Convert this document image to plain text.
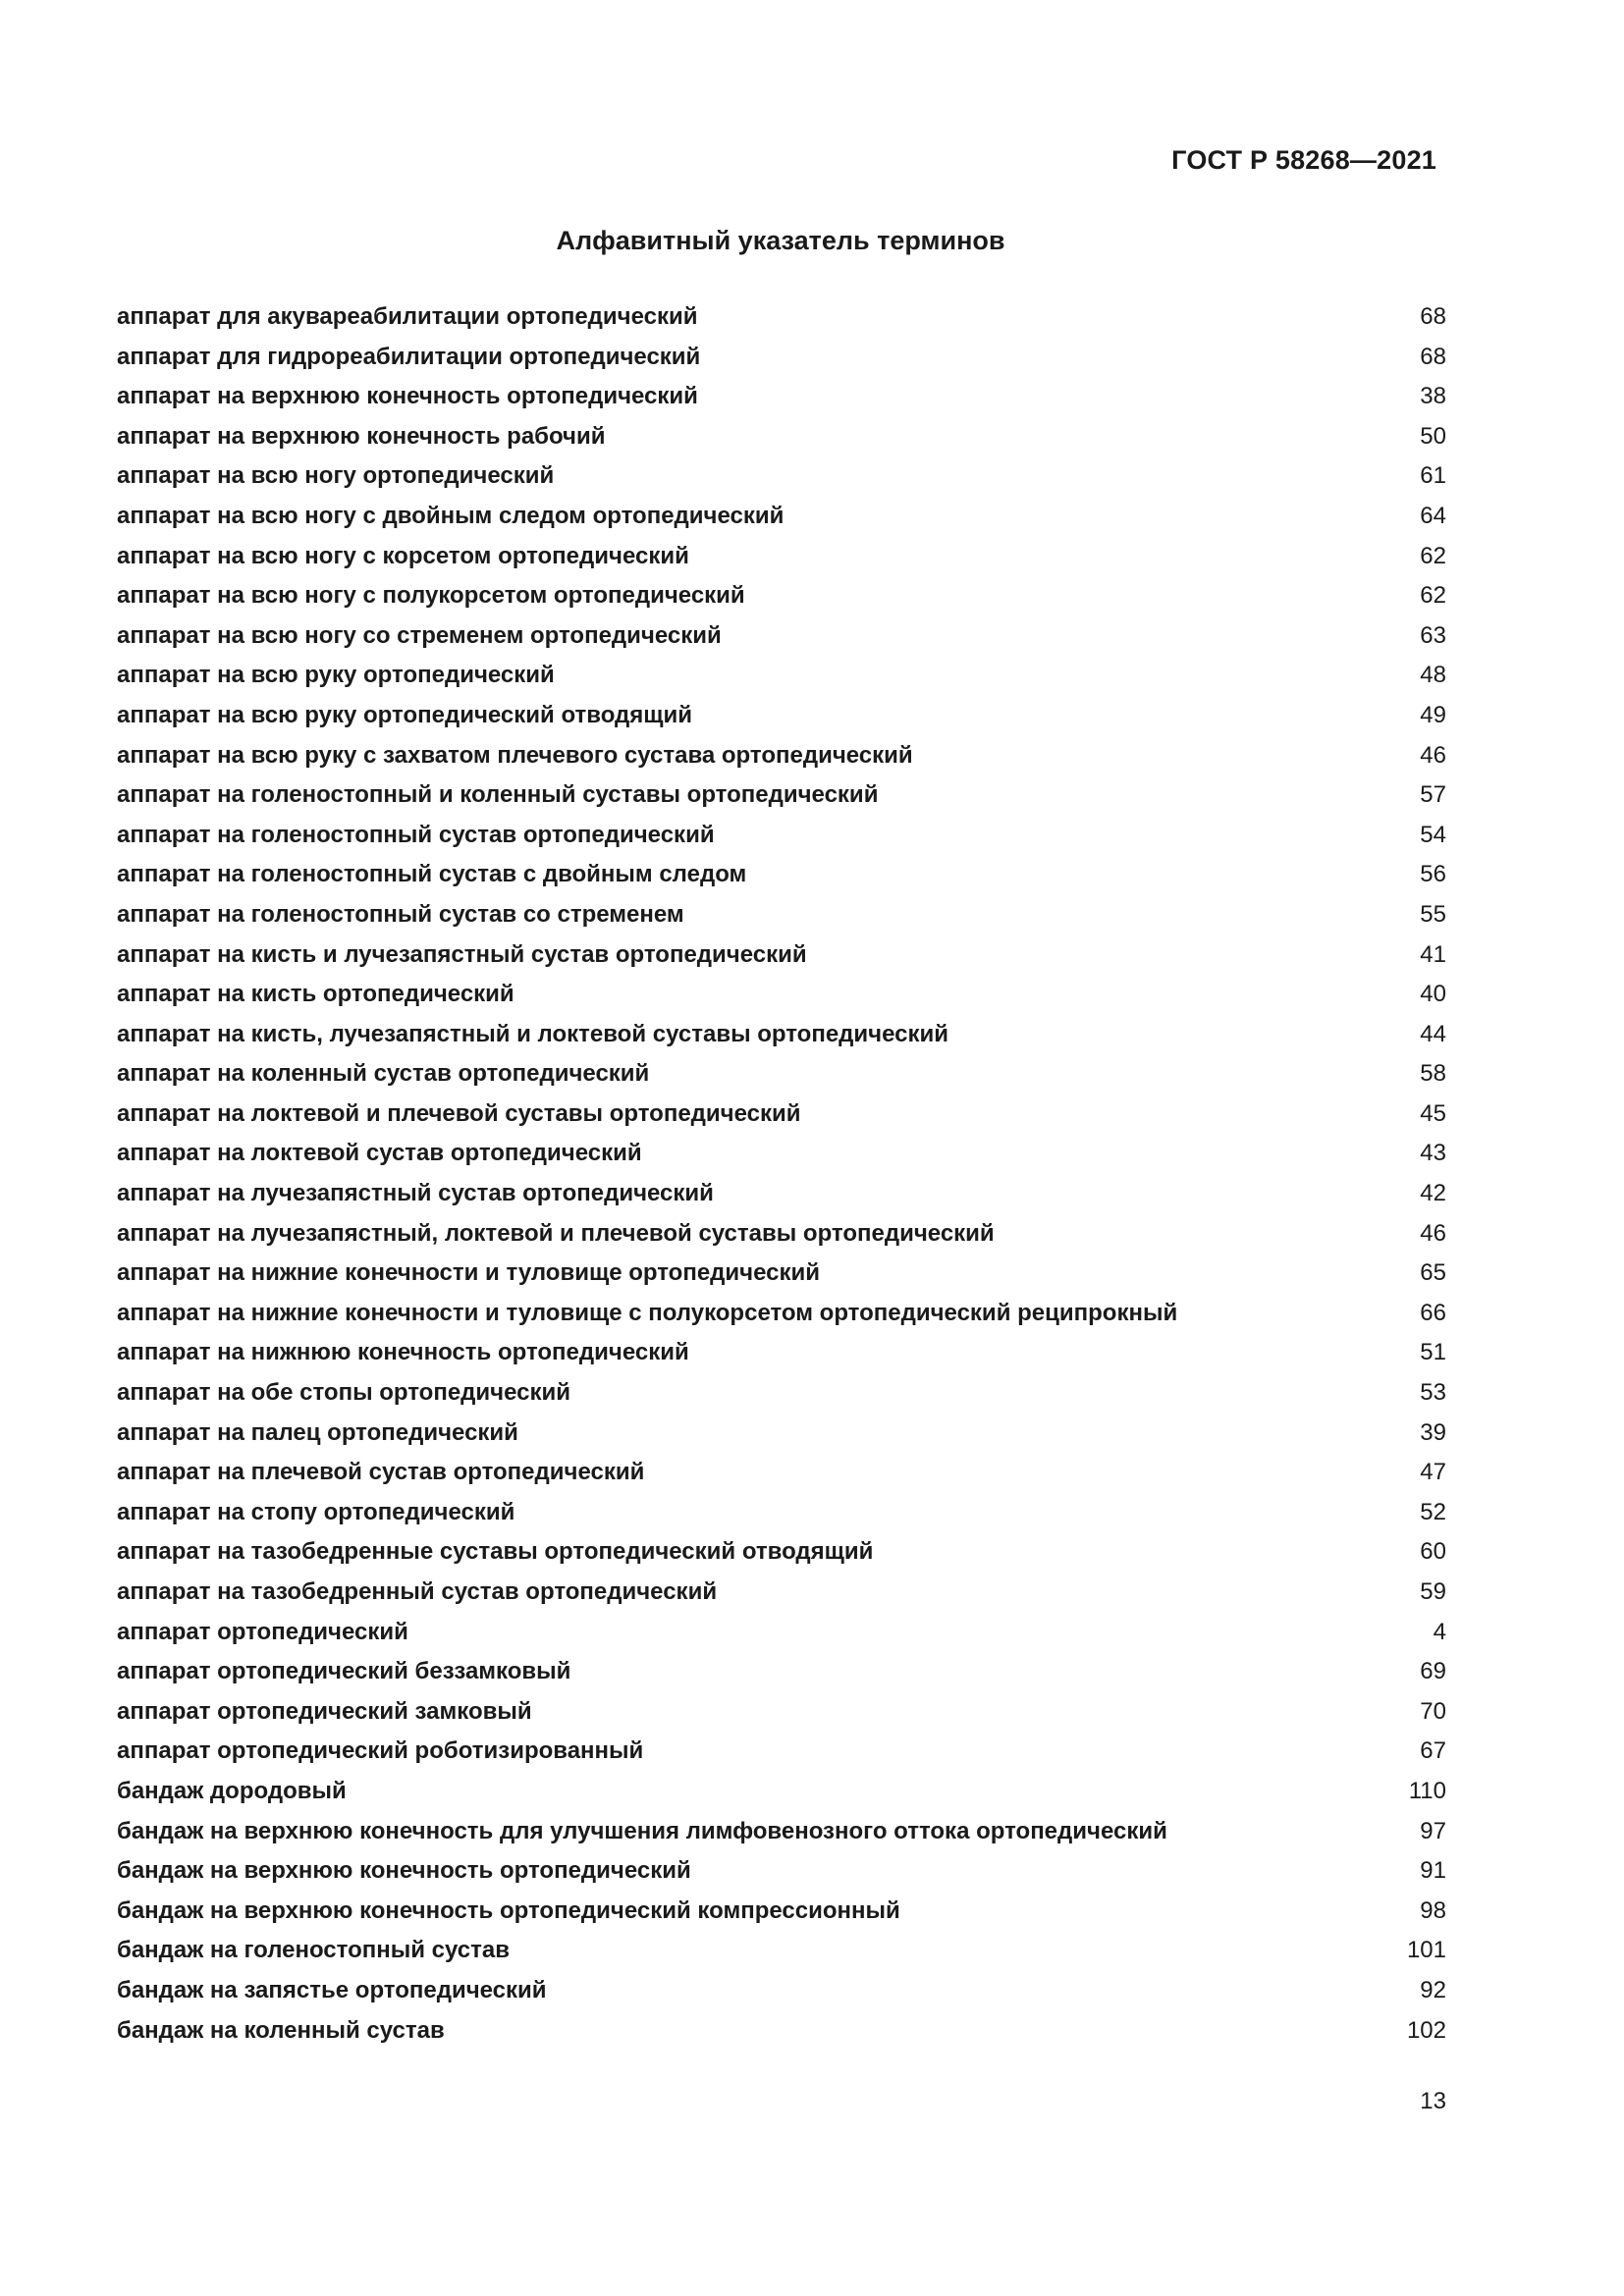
ГОСТ Р 58268—2021
Алфавитный указатель терминов
аппарат для акувареабилитации ортопедический	68
аппарат для гидрореабилитации ортопедический	68
аппарат на верхнюю конечность ортопедический	38
аппарат на верхнюю конечность рабочий	50
аппарат на всю ногу ортопедический	61
аппарат на всю ногу с двойным следом ортопедический	64
аппарат на всю ногу с корсетом ортопедический	62
аппарат на всю ногу с полукорсетом ортопедический	62
аппарат на всю ногу со стременем ортопедический	63
аппарат на всю руку ортопедический	48
аппарат на всю руку ортопедический отводящий	49
аппарат на всю руку с захватом плечевого сустава ортопедический	46
аппарат на голеностопный и коленный суставы ортопедический	57
аппарат на голеностопный сустав ортопедический	54
аппарат на голеностопный сустав с двойным следом	56
аппарат на голеностопный сустав со стременем	55
аппарат на кисть и лучезапястный сустав ортопедический	41
аппарат на кисть ортопедический	40
аппарат на кисть, лучезапястный и локтевой суставы ортопедический	44
аппарат на коленный сустав ортопедический	58
аппарат на локтевой и плечевой суставы ортопедический	45
аппарат на локтевой сустав ортопедический	43
аппарат на лучезапястный сустав ортопедический	42
аппарат на лучезапястный, локтевой и плечевой суставы ортопедический	46
аппарат на нижние конечности и туловище ортопедический	65
аппарат на нижние конечности и туловище с полукорсетом ортопедический реципрокный	66
аппарат на нижнюю конечность ортопедический	51
аппарат на обе стопы ортопедический	53
аппарат на палец ортопедический	39
аппарат на плечевой сустав ортопедический	47
аппарат на стопу ортопедический	52
аппарат на тазобедренные суставы ортопедический отводящий	60
аппарат на тазобедренный сустав ортопедический	59
аппарат ортопедический	4
аппарат ортопедический беззамковый	69
аппарат ортопедический замковый	70
аппарат ортопедический роботизированный	67
бандаж дородовый	110
бандаж на верхнюю конечность для улучшения лимфовенозного оттока ортопедический	97
бандаж на верхнюю конечность ортопедический	91
бандаж на верхнюю конечность ортопедический компрессионный	98
бандаж на голеностопный сустав	101
бандаж на запястье ортопедический	92
бандаж на коленный сустав	102
13
